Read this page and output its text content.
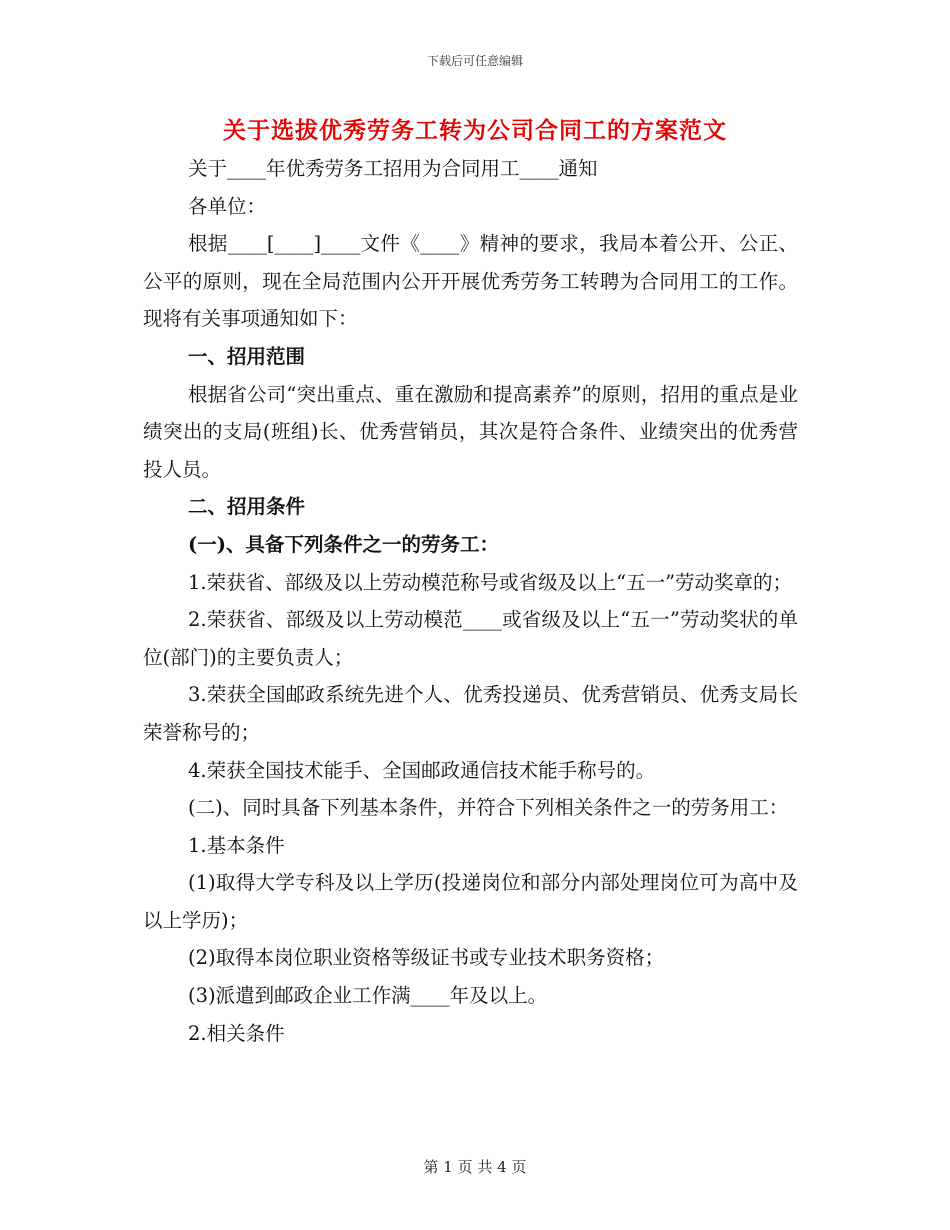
下载后可任意编辑
关于选拔优秀劳务工转为公司合同工的方案范文

关于____年优秀劳务工招用为合同用工____通知

各单位：

根据____[____]____文件《____》精神的要求，我局本着公开、公正、公平的原则，现在全局范围内公开开展优秀劳务工转聘为合同用工的工作。现将有关事项通知如下：

一、招用范围

根据省公司“突出重点、重在激励和提高素养”的原则，招用的重点是业绩突出的支局(班组)长、优秀营销员，其次是符合条件、业绩突出的优秀营投人员。

二、招用条件

(一)、具备下列条件之一的劳务工：

1.荣获省、部级及以上劳动模范称号或省级及以上“五一”劳动奖章的；

2.荣获省、部级及以上劳动模范____或省级及以上“五一”劳动奖状的单位(部门)的主要负责人；

3.荣获全国邮政系统先进个人、优秀投递员、优秀营销员、优秀支局长荣誉称号的；

4.荣获全国技术能手、全国邮政通信技术能手称号的。

(二)、同时具备下列基本条件，并符合下列相关条件之一的劳务用工：

1.基本条件

(1)取得大学专科及以上学历(投递岗位和部分内部处理岗位可为高中及以上学历)；

(2)取得本岗位职业资格等级证书或专业技术职务资格；

(3)派遣到邮政企业工作满____年及以上。

2.相关条件

第 1 页 共 4 页
